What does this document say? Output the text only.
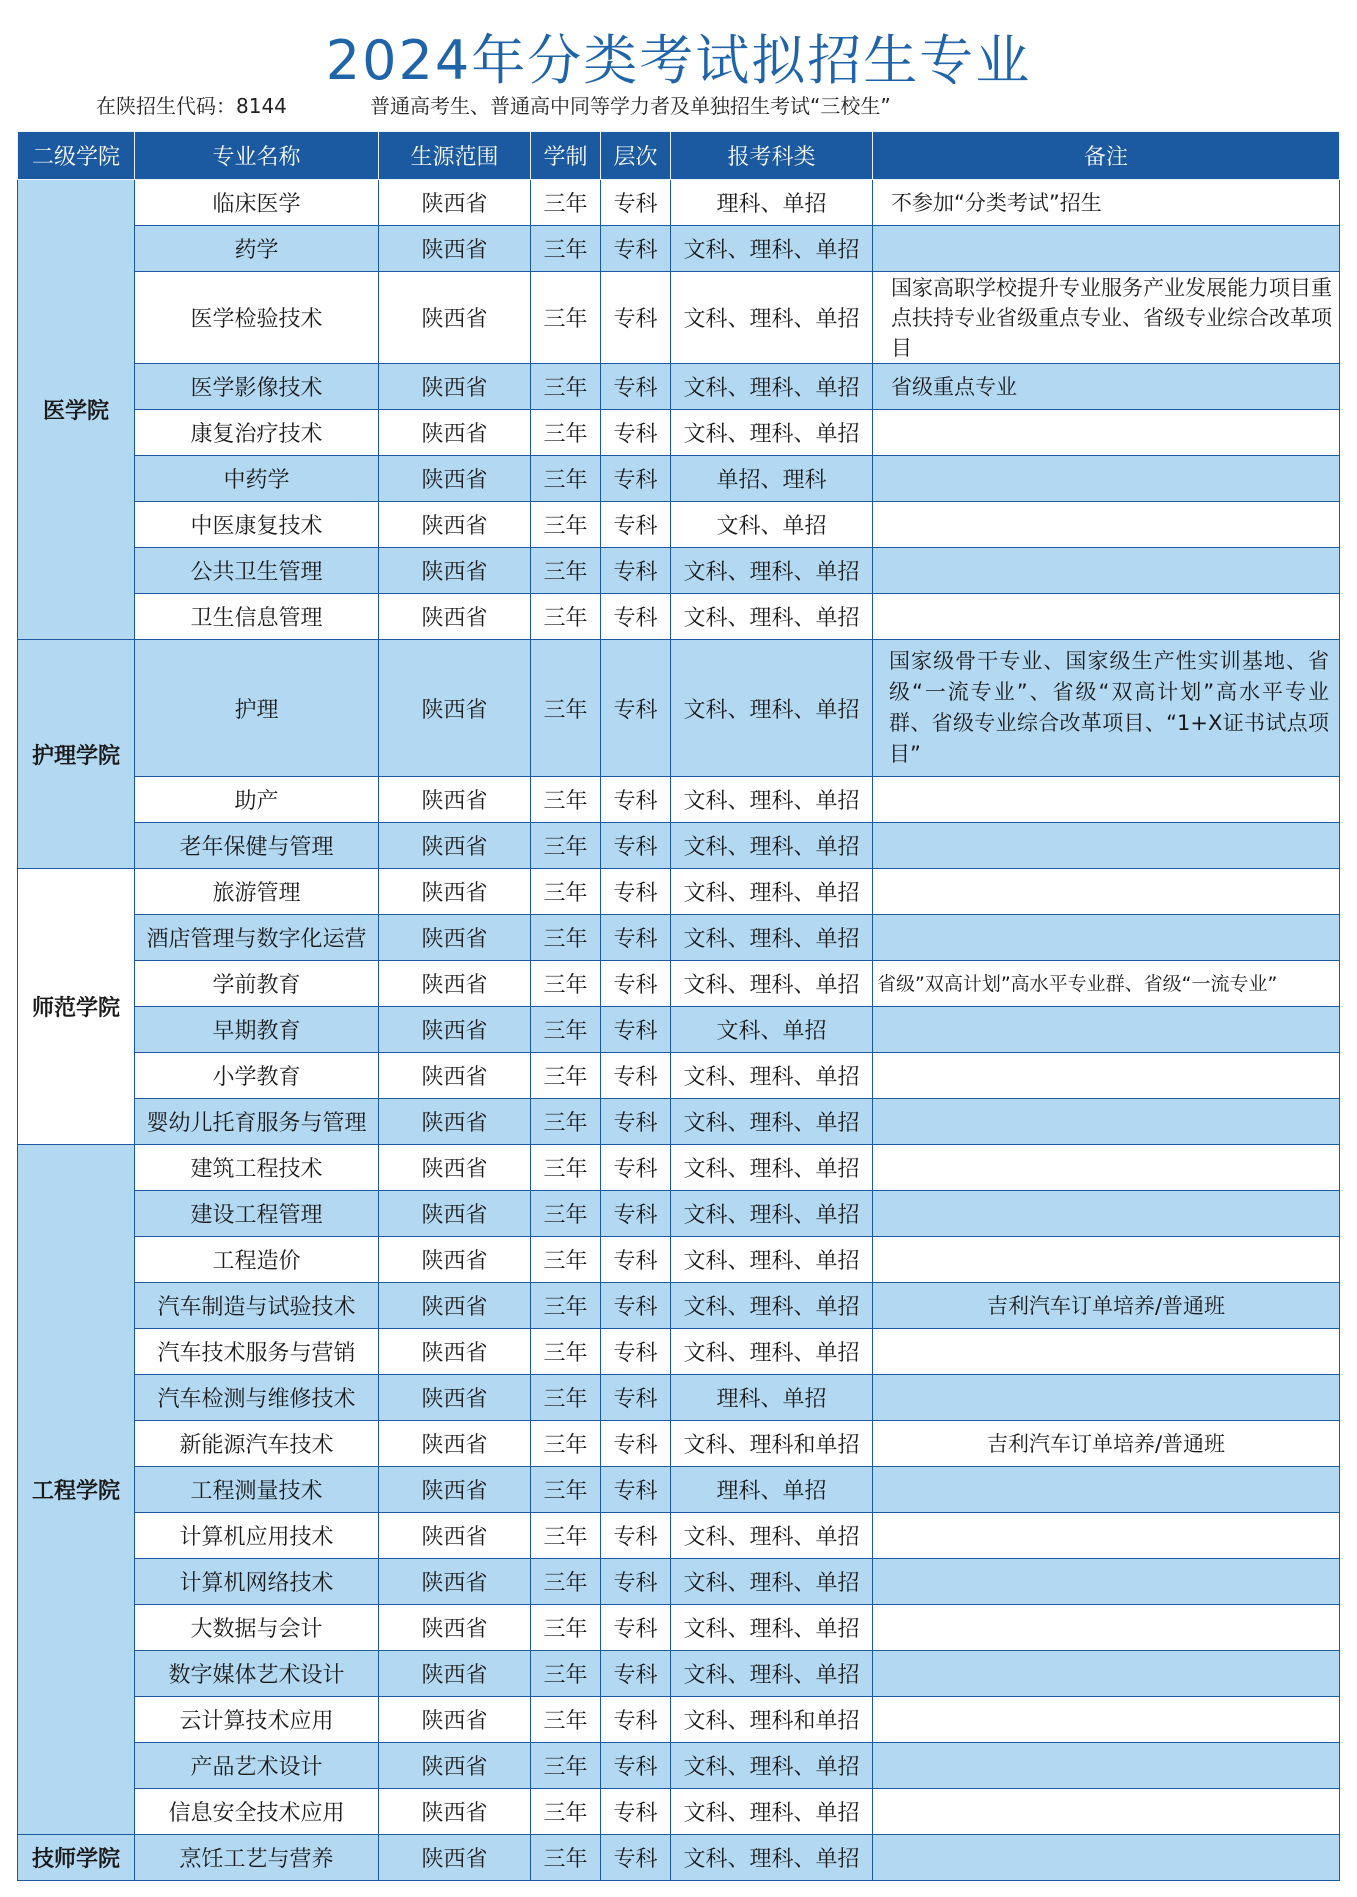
2024年分类考试拟招生专业
在陕招生代码：8144	普通高考生、普通高中同等学力者及单独招生考试“三校生”
二级学院	专业名称	生源范围	学制	层次	报考科类	备注
医学院	临床医学	陕西省	三年	专科	理科、单招	不参加“分类考试”招生
	药学	陕西省	三年	专科	文科、理科、单招	
	医学检验技术	陕西省	三年	专科	文科、理科、单招	国家高职学校提升专业服务产业发展能力项目重点扶持专业省级重点专业、省级专业综合改革项目
	医学影像技术	陕西省	三年	专科	文科、理科、单招	省级重点专业
	康复治疗技术	陕西省	三年	专科	文科、理科、单招	
	中药学	陕西省	三年	专科	单招、理科	
	中医康复技术	陕西省	三年	专科	文科、单招	
	公共卫生管理	陕西省	三年	专科	文科、理科、单招	
	卫生信息管理	陕西省	三年	专科	文科、理科、单招	
护理学院	护理	陕西省	三年	专科	文科、理科、单招	国家级骨干专业、国家级生产性实训基地、省级“一流专业”、省级“双高计划”高水平专业群、省级专业综合改革项目、“1+X证书试点项目”
	助产	陕西省	三年	专科	文科、理科、单招	
	老年保健与管理	陕西省	三年	专科	文科、理科、单招	
师范学院	旅游管理	陕西省	三年	专科	文科、理科、单招	
	酒店管理与数字化运营	陕西省	三年	专科	文科、理科、单招	
	学前教育	陕西省	三年	专科	文科、理科、单招	省级”双高计划”高水平专业群、省级“一流专业”
	早期教育	陕西省	三年	专科	文科、单招	
	小学教育	陕西省	三年	专科	文科、理科、单招	
	婴幼儿托育服务与管理	陕西省	三年	专科	文科、理科、单招	
工程学院	建筑工程技术	陕西省	三年	专科	文科、理科、单招	
	建设工程管理	陕西省	三年	专科	文科、理科、单招	
	工程造价	陕西省	三年	专科	文科、理科、单招	
	汽车制造与试验技术	陕西省	三年	专科	文科、理科、单招	吉利汽车订单培养/普通班
	汽车技术服务与营销	陕西省	三年	专科	文科、理科、单招	
	汽车检测与维修技术	陕西省	三年	专科	理科、单招	
	新能源汽车技术	陕西省	三年	专科	文科、理科和单招	吉利汽车订单培养/普通班
	工程测量技术	陕西省	三年	专科	理科、单招	
	计算机应用技术	陕西省	三年	专科	文科、理科、单招	
	计算机网络技术	陕西省	三年	专科	文科、理科、单招	
	大数据与会计	陕西省	三年	专科	文科、理科、单招	
	数字媒体艺术设计	陕西省	三年	专科	文科、理科、单招	
	云计算技术应用	陕西省	三年	专科	文科、理科和单招	
	产品艺术设计	陕西省	三年	专科	文科、理科、单招	
	信息安全技术应用	陕西省	三年	专科	文科、理科、单招	
技师学院	烹饪工艺与营养	陕西省	三年	专科	文科、理科、单招	
